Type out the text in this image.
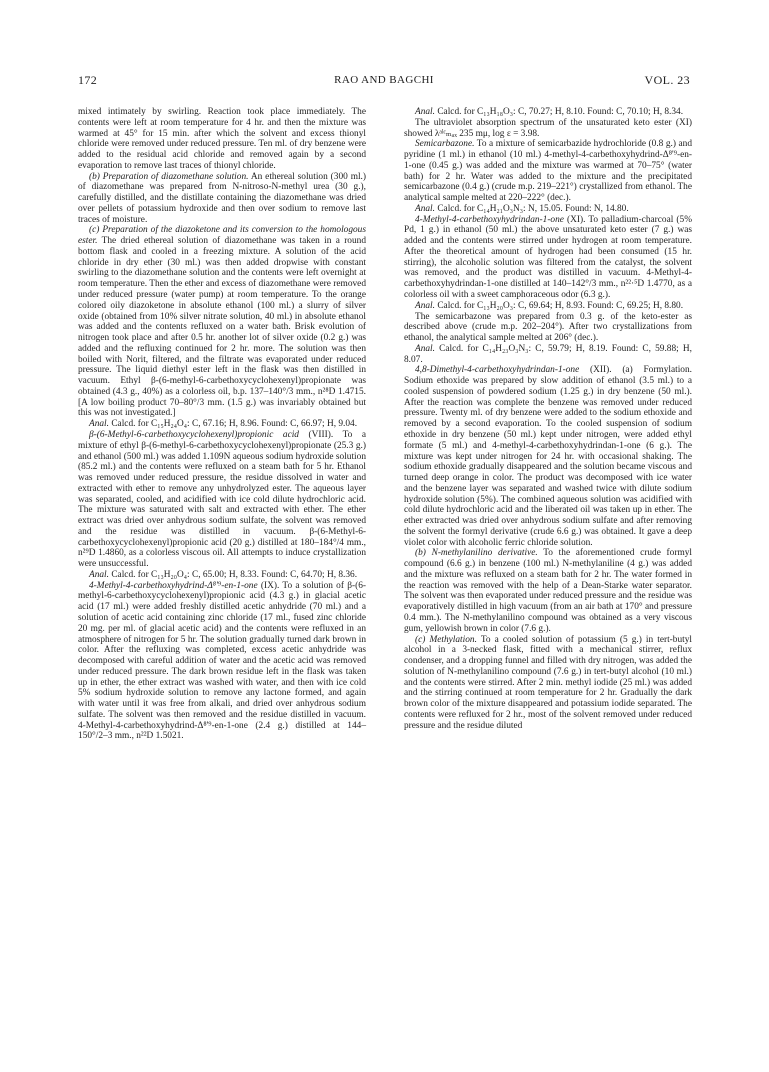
172	RAO AND BAGCHI	VOL. 23

mixed intimately by swirling. Reaction took place immediately. The contents were left at room temperature for 4 hr. and then the mixture was warmed at 45° for 15 min. after which the solvent and excess thionyl chloride were removed under reduced pressure. Ten ml. of dry benzene were added to the residual acid chloride and removed again by a second evaporation to remove last traces of thionyl chloride.

(b) Preparation of diazomethane solution. An ethereal solution (300 ml.) of diazomethane was prepared from N-nitroso-N-methyl urea (30 g.), carefully distilled, and the distillate containing the diazomethane was dried over pellets of potassium hydroxide and then over sodium to remove last traces of moisture.

(c) Preparation of the diazoketone and its conversion to the homologous ester. The dried ethereal solution of diazomethane was taken in a round bottom flask and cooled in a freezing mixture. A solution of the acid chloride in dry ether (30 ml.) was then added dropwise with constant swirling to the diazomethane solution and the contents were left overnight at room temperature. Then the ether and excess of diazomethane were removed under reduced pressure (water pump) at room temperature. To the orange colored oily diazoketone in absolute ethanol (100 ml.) a slurry of silver oxide (obtained from 10% silver nitrate solution, 40 ml.) in absolute ethanol was added and the contents refluxed on a water bath. Brisk evolution of nitrogen took place and after 0.5 hr. another lot of silver oxide (0.2 g.) was added and the refluxing continued for 2 hr. more. The solution was then boiled with Norit, filtered, and the filtrate was evaporated under reduced pressure. The liquid diethyl ester left in the flask was then distilled in vacuum. Ethyl β-(6-methyl-6-carbethoxycyclohexenyl)propionate was obtained (4.3 g., 40%) as a colorless oil, b.p. 137–140°/3 mm., n²⁸D 1.4715. [A low boiling product 70–80°/3 mm. (1.5 g.) was invariably obtained but this was not investigated.]

Anal. Calcd. for C₁₅H₂₄O₄: C, 67.16; H, 8.96. Found: C, 66.97; H, 9.04.

β-(6-Methyl-6-carbethoxycyclohexenyl)propionic acid (VIII). To a mixture of ethyl β-(6-methyl-6-carbethoxycyclohexenyl)propionate (25.3 g.) and ethanol (500 ml.) was added 1.109N aqueous sodium hydroxide solution (85.2 ml.) and the contents were refluxed on a steam bath for 5 hr. Ethanol was removed under reduced pressure, the residue dissolved in water and extracted with ether to remove any unhydrolyzed ester. The aqueous layer was separated, cooled, and acidified with ice cold dilute hydrochloric acid. The mixture was saturated with salt and extracted with ether. The ether extract was dried over anhydrous sodium sulfate, the solvent was removed and the residue was distilled in vacuum. β-(6-Methyl-6-carbethoxycyclohexenyl)propionic acid (20 g.) distilled at 180–184°/4 mm., n²⁹D 1.4860, as a colorless viscous oil. All attempts to induce crystallization were unsuccessful.

Anal. Calcd. for C₁₃H₂₀O₄: C, 65.00; H, 8.33. Found: C, 64.70; H, 8.36.

4-Methyl-4-carbethoxyhydrind-Δ⁸'⁹-en-1-one (IX). To a solution of β-(6-methyl-6-carbethoxycyclohexenyl)propionic acid (4.3 g.) in glacial acetic acid (17 ml.) were added freshly distilled acetic anhydride (70 ml.) and a solution of acetic acid containing zinc chloride (17 ml., fused zinc chloride 20 mg. per ml. of glacial acetic acid) and the contents were refluxed in an atmosphere of nitrogen for 5 hr. The solution gradually turned dark brown in color. After the refluxing was completed, excess acetic anhydride was decomposed with careful addition of water and the acetic acid was removed under reduced pressure. The dark brown residue left in the flask was taken up in ether, the ether extract was washed with water, and then with ice cold 5% sodium hydroxide solution to remove any lactone formed, and again with water until it was free from alkali, and dried over anhydrous sodium sulfate. The solvent was then removed and the residue distilled in vacuum. 4-Methyl-4-carbethoxyhydrind-Δ⁸'⁹-en-1-one (2.4 g.) distilled at 144–150°/2–3 mm., n²²D 1.5021.

Anal. Calcd. for C₁₃H₁₈O₃: C, 70.27; H, 8.10. Found: C, 70.10; H, 8.34.

The ultraviolet absorption spectrum of the unsaturated keto ester (XI) showed λᵃˡᶜₘₐₓ 235 mμ, log ε = 3.98.

Semicarbazone. To a mixture of semicarbazide hydrochloride (0.8 g.) and pyridine (1 ml.) in ethanol (10 ml.) 4-methyl-4-carbethoxyhydrind-Δ⁸'⁹-en-1-one (0.45 g.) was added and the mixture was warmed at 70–75° (water bath) for 2 hr. Water was added to the mixture and the precipitated semicarbazone (0.4 g.) (crude m.p. 219–221°) crystallized from ethanol. The analytical sample melted at 220–222° (dec.).

Anal. Calcd. for C₁₄H₂₁O₃N₃: N, 15.05. Found: N, 14.80.

4-Methyl-4-carbethoxyhydrindan-1-one (XI). To palladium-charcoal (5% Pd, 1 g.) in ethanol (50 ml.) the above unsaturated keto ester (7 g.) was added and the contents were stirred under hydrogen at room temperature. After the theoretical amount of hydrogen had been consumed (15 hr. stirring), the alcoholic solution was filtered from the catalyst, the solvent was removed, and the product was distilled in vacuum. 4-Methyl-4-carbethoxyhydrindan-1-one distilled at 140–142°/3 mm., n²²·⁵D 1.4770, as a colorless oil with a sweet camphoraceous odor (6.3 g.).

Anal. Calcd. for C₁₃H₂₀O₃: C, 69.64; H, 8.93. Found: C, 69.25; H, 8.80.

The semicarbazone was prepared from 0.3 g. of the keto-ester as described above (crude m.p. 202–204°). After two crystallizations from ethanol, the analytical sample melted at 206° (dec.).

Anal. Calcd. for C₁₄H₂₃O₃N₃: C, 59.79; H, 8.19. Found: C, 59.88; H, 8.07.

4,8-Dimethyl-4-carbethoxyhydrindan-1-one (XII). (a) Formylation. Sodium ethoxide was prepared by slow addition of ethanol (3.5 ml.) to a cooled suspension of powdered sodium (1.25 g.) in dry benzene (50 ml.). After the reaction was complete the benzene was removed under reduced pressure. Twenty ml. of dry benzene were added to the sodium ethoxide and removed by a second evaporation. To the cooled suspension of sodium ethoxide in dry benzene (50 ml.) kept under nitrogen, were added ethyl formate (5 ml.) and 4-methyl-4-carbethoxyhydrindan-1-one (6 g.). The mixture was kept under nitrogen for 24 hr. with occasional shaking. The sodium ethoxide gradually disappeared and the solution became viscous and turned deep orange in color. The product was decomposed with ice water and the benzene layer was separated and washed twice with dilute sodium hydroxide solution (5%). The combined aqueous solution was acidified with cold dilute hydrochloric acid and the liberated oil was taken up in ether. The ether extracted was dried over anhydrous sodium sulfate and after removing the solvent the formyl derivative (crude 6.6 g.) was obtained. It gave a deep violet color with alcoholic ferric chloride solution.

(b) N-methylanilino derivative. To the aforementioned crude formyl compound (6.6 g.) in benzene (100 ml.) N-methylaniline (4 g.) was added and the mixture was refluxed on a steam bath for 2 hr. The water formed in the reaction was removed with the help of a Dean-Starke water separator. The solvent was then evaporated under reduced pressure and the residue was evaporatively distilled in high vacuum (from an air bath at 170° and pressure 0.4 mm.). The N-methylanilino compound was obtained as a very viscous gum, yellowish brown in color (7.6 g.).

(c) Methylation. To a cooled solution of potassium (5 g.) in tert-butyl alcohol in a 3-necked flask, fitted with a mechanical stirrer, reflux condenser, and a dropping funnel and filled with dry nitrogen, was added the solution of N-methylanilino compound (7.6 g.) in tert-butyl alcohol (10 ml.) and the contents were stirred. After 2 min. methyl iodide (25 ml.) was added and the stirring continued at room temperature for 2 hr. Gradually the dark brown color of the mixture disappeared and potassium iodide separated. The contents were refluxed for 2 hr., most of the solvent removed under reduced pressure and the residue diluted
